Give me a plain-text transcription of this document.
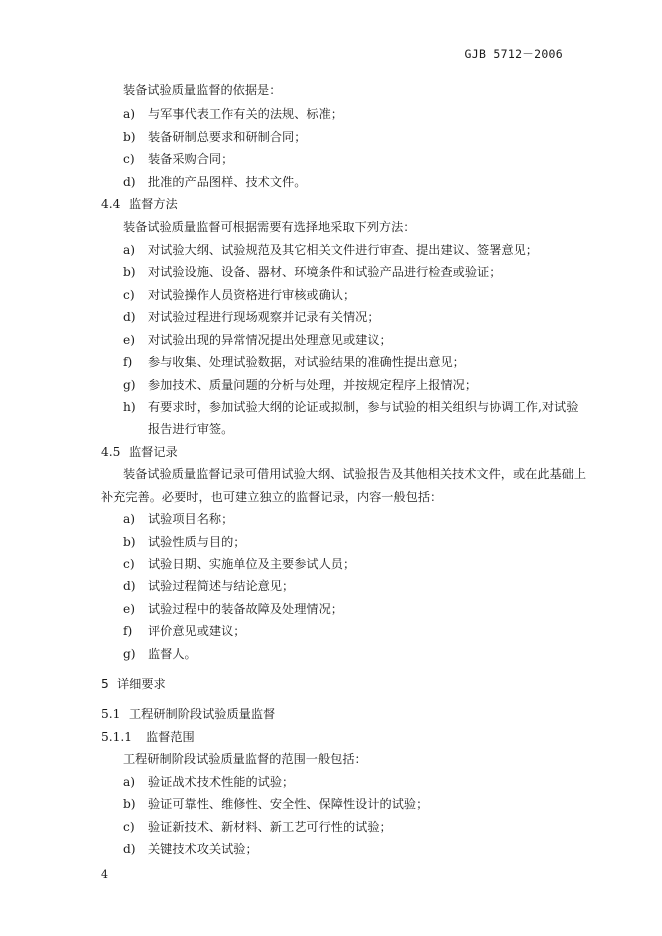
GJB 5712－2006
装备试验质量监督的依据是：
a) 与军事代表工作有关的法规、标准；
b) 装备研制总要求和研制合同；
c) 装备采购合同；
d) 批准的产品图样、技术文件。
4.4 监督方法
装备试验质量监督可根据需要有选择地采取下列方法：
a) 对试验大纲、试验规范及其它相关文件进行审查、提出建议、签署意见；
b) 对试验设施、设备、器材、环境条件和试验产品进行检查或验证；
c) 对试验操作人员资格进行审核或确认；
d) 对试验过程进行现场观察并记录有关情况；
e) 对试验出现的异常情况提出处理意见或建议；
f) 参与收集、处理试验数据，对试验结果的准确性提出意见；
g) 参加技术、质量问题的分析与处理，并按规定程序上报情况；
h) 有要求时，参加试验大纲的论证或拟制，参与试验的相关组织与协调工作,对试验
报告进行审签。
4.5 监督记录
装备试验质量监督记录可借用试验大纲、试验报告及其他相关技术文件，或在此基础上
补充完善。必要时，也可建立独立的监督记录，内容一般包括：
a) 试验项目名称；
b) 试验性质与目的；
c) 试验日期、实施单位及主要参试人员；
d) 试验过程简述与结论意见；
e) 试验过程中的装备故障及处理情况；
f) 评价意见或建议；
g) 监督人。
5 详细要求
5.1 工程研制阶段试验质量监督
5.1.1 监督范围
工程研制阶段试验质量监督的范围一般包括：
a) 验证战术技术性能的试验；
b) 验证可靠性、维修性、安全性、保障性设计的试验；
c) 验证新技术、新材料、新工艺可行性的试验；
d) 关键技术攻关试验；
4
